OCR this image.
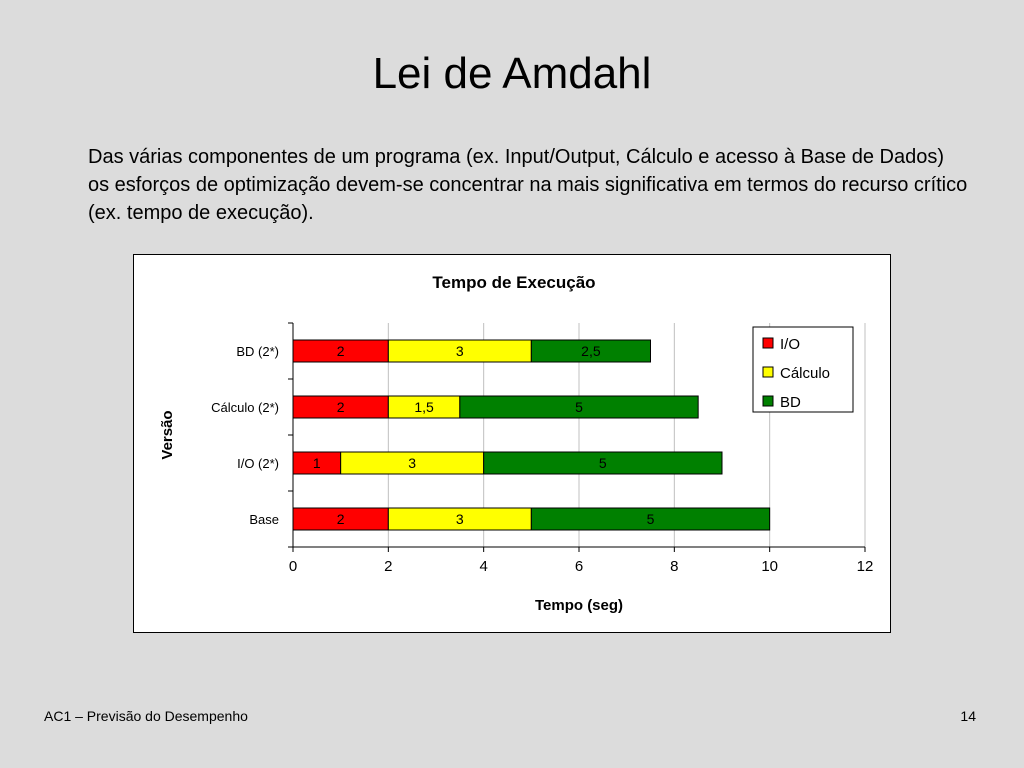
Lei de Amdahl

Das várias componentes de um programa (ex. Input/Output, Cálculo e acesso à Base de Dados) os esforços de optimização devem-se concentrar na mais significativa em termos do recurso crítico (ex. tempo de execução).

Tempo de Execução
0	2	4	6	8	10	12
Tempo (seg)
Versão
BD (2*)	2	3	2,5
Cálculo (2*)	2	1,5	5
I/O (2*) 1	3	5
Base	2	3	5
I/O
Cálculo
BD
AC1 – Previsão do Desempenho	14
